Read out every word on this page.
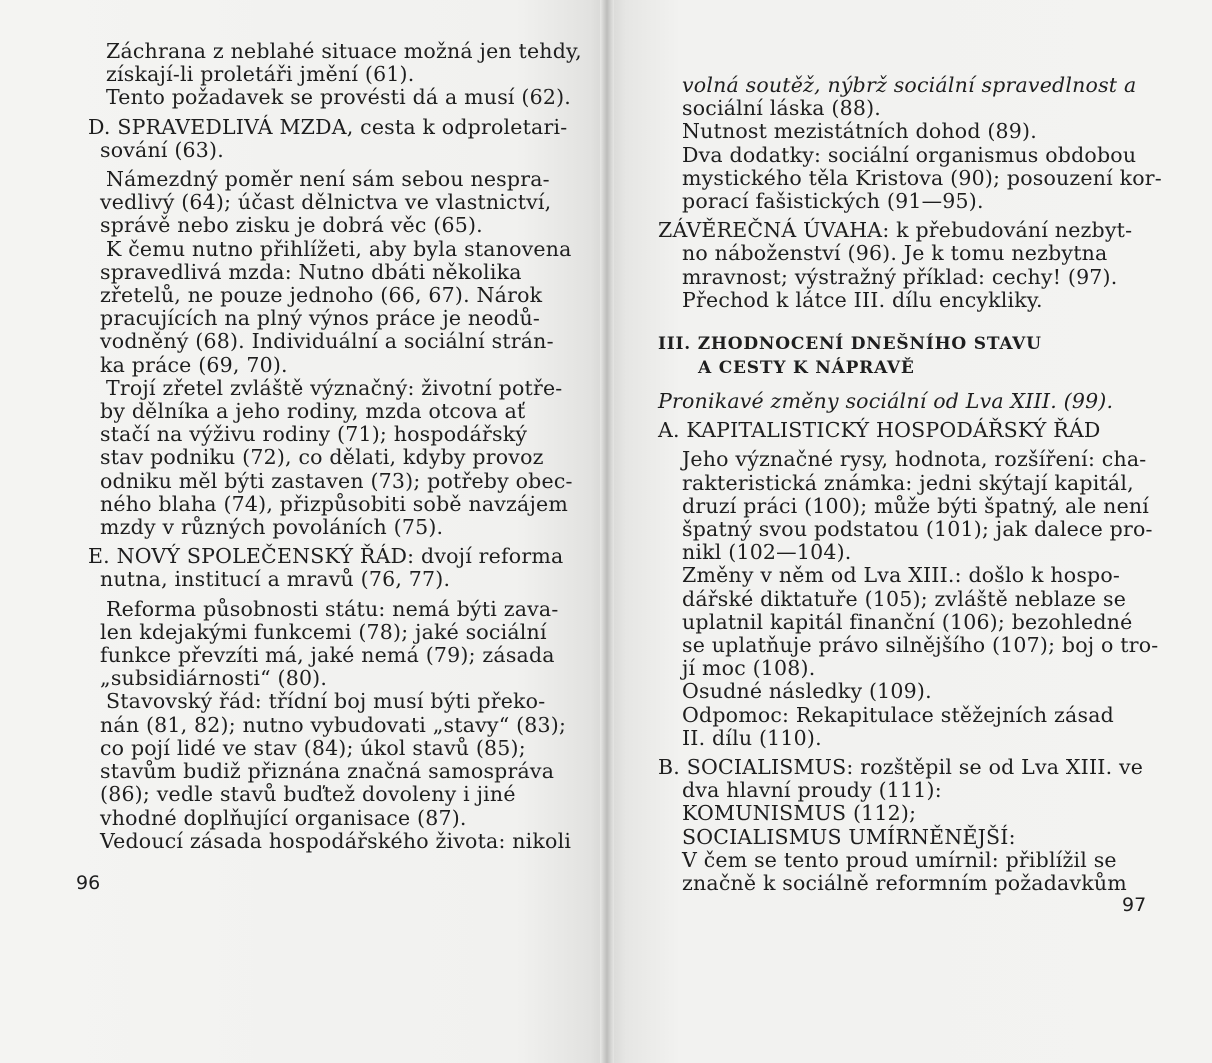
Záchrana z neblahé situace možná jen tehdy,
získají-li proletáři jmění (61).
Tento požadavek se provésti dá a musí (62).
D. SPRAVEDLIVÁ MZDA, cesta k odproletari-
sování (63).
Námezdný poměr není sám sebou nespra-
vedlivý (64); účast dělnictva ve vlastnictví,
správě nebo zisku je dobrá věc (65).
K čemu nutno přihlížeti, aby byla stanovena
spravedlivá mzda: Nutno dbáti několika
zřetelů, ne pouze jednoho (66, 67). Nárok
pracujících na plný výnos práce je neodů-
vodněný (68). Individuální a sociální strán-
ka práce (69, 70).
Trojí zřetel zvláště význačný: životní potře-
by dělníka a jeho rodiny, mzda otcova ať
stačí na výživu rodiny (71); hospodářský
stav podniku (72), co dělati, kdyby provoz
odniku měl býti zastaven (73); potřeby obec-
ného blaha (74), přizpůsobiti sobě navzájem
mzdy v různých povoláních (75).
E. NOVÝ SPOLEČENSKÝ ŘÁD: dvojí reforma
nutna, institucí a mravů (76, 77).
Reforma působnosti státu: nemá býti zava-
len kdejakými funkcemi (78); jaké sociální
funkce převzíti má, jaké nemá (79); zásada
„subsidiárnosti“ (80).
Stavovský řád: třídní boj musí býti překo-
nán (81, 82); nutno vybudovati „stavy“ (83);
co pojí lidé ve stav (84); úkol stavů (85);
stavům budiž přiznána značná samospráva
(86); vedle stavů buďtež dovoleny i jiné
vhodné doplňující organisace (87).
Vedoucí zásada hospodářského života: nikoli
96
volná soutěž, nýbrž sociální spravedlnost a
sociální láska (88).
Nutnost mezistátních dohod (89).
Dva dodatky: sociální organismus obdobou
mystického těla Kristova (90); posouzení kor-
porací fašistických (91—95).
ZÁVĚREČNÁ ÚVAHA: k přebudování nezbyt-
no náboženství (96). Je k tomu nezbytna
mravnost; výstražný příklad: cechy! (97).
Přechod k látce III. dílu encykliky.
III. ZHODNOCENÍ DNEŠNÍHO STAVU
A CESTY K NÁPRAVĚ
Pronikavé změny sociální od Lva XIII. (99).
A. KAPITALISTICKÝ HOSPODÁŘSKÝ ŘÁD
Jeho význačné rysy, hodnota, rozšíření: cha-
rakteristická známka: jedni skýtají kapitál,
druzí práci (100); může býti špatný, ale není
špatný svou podstatou (101); jak dalece pro-
nikl (102—104).
Změny v něm od Lva XIII.: došlo k hospo-
dářské diktatuře (105); zvláště neblaze se
uplatnil kapitál finanční (106); bezohledné
se uplatňuje právo silnějšího (107); boj o tro-
jí moc (108).
Osudné následky (109).
Odpomoc: Rekapitulace stěžejních zásad
II. dílu (110).
B. SOCIALISMUS: rozštěpil se od Lva XIII. ve
dva hlavní proudy (111):
KOMUNISMUS (112);
SOCIALISMUS UMÍRNĚNĚJŠÍ:
V čem se tento proud umírnil: přiblížil se
značně k sociálně reformním požadavkům
97
